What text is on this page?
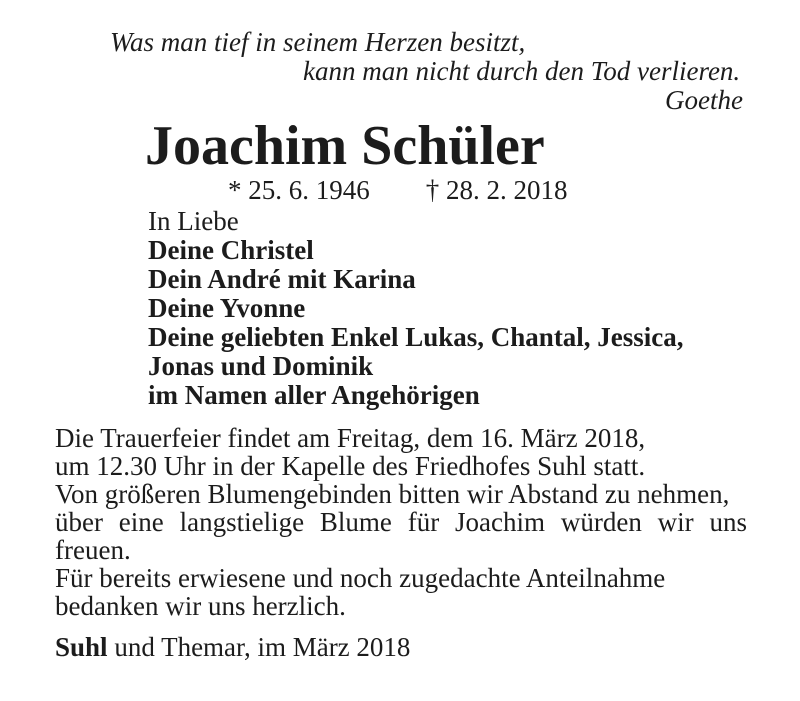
Was man tief in seinem Herzen besitzt,
kann man nicht durch den Tod verlieren.
Goethe
Joachim Schüler
* 25. 6. 1946 † 28. 2. 2018
In Liebe
Deine Christel
Dein André mit Karina
Deine Yvonne
Deine geliebten Enkel Lukas, Chantal, Jessica,
Jonas und Dominik
im Namen aller Angehörigen
Die Trauerfeier findet am Freitag, dem 16. März 2018,
um 12.30 Uhr in der Kapelle des Friedhofes Suhl statt.
Von größeren Blumengebinden bitten wir Abstand zu nehmen,
über eine langstielige Blume für Joachim würden wir uns
freuen.
Für bereits erwiesene und noch zugedachte Anteilnahme
bedanken wir uns herzlich.
Suhl und Themar, im März 2018
